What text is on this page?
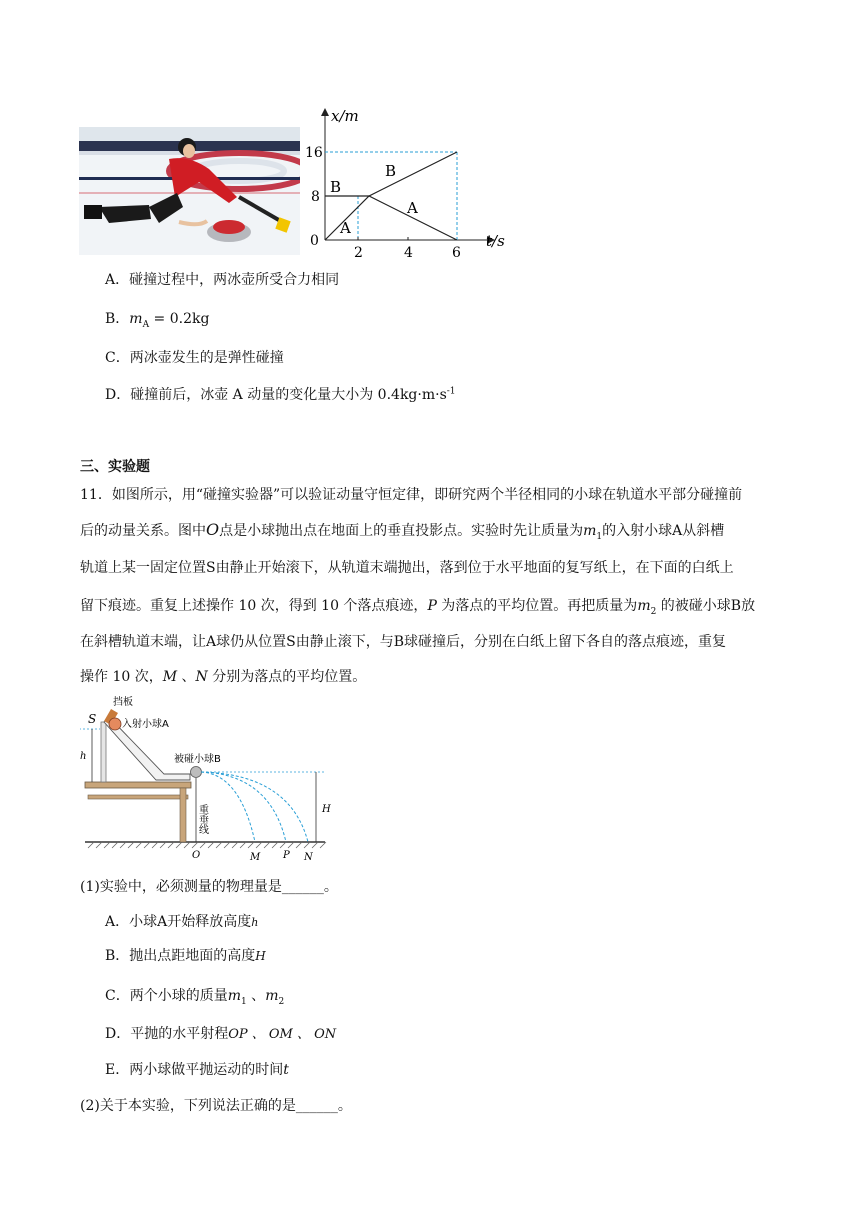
x/m
t/s
0
8
16
2	4	6
B
B
A
A
A．碰撞过程中，两冰壶所受合力相同
B．$m_A = 0.2kg$
C．两冰壶发生的是弹性碰撞
D．碰撞前后，冰壶 A 动量的变化量大小为 $0.4kg\cdot m\cdot s^{-1}$
三、实验题
11．如图所示，用“碰撞实验器”可以验证动量守恒定律，即研究两个半径相同的小球在轨道水平部分碰撞前
后的动量关系。图中O点是小球抛出点在地面上的垂直投影点。实验时先让质量为$m_1$的入射小球A从斜槽
轨道上某一固定位置S由静止开始滚下，从轨道末端抛出，落到位于水平地面的复写纸上，在下面的白纸上
留下痕迹。重复上述操作 10 次，得到 10 个落点痕迹，P 为落点的平均位置。再把质量为$m_2$ 的被碰小球B放
在斜槽轨道末端，让A球仍从位置S由静止滚下，与B球碰撞后，分别在白纸上留下各自的落点痕迹，重复
操作 10 次，M 、N 分别为落点的平均位置。
挡板
S	入射小球A
被碰小球B
h
H
重垂线
O	M P N
(1)实验中，必须测量的物理量是______。
A．小球A开始释放高度h
B．抛出点距地面的高度H
C．两个小球的质量$m_1$ 、$m_2$
D．平抛的水平射程OP 、 OM 、 ON
E．两小球做平抛运动的时间t
(2)关于本实验，下列说法正确的是______。
